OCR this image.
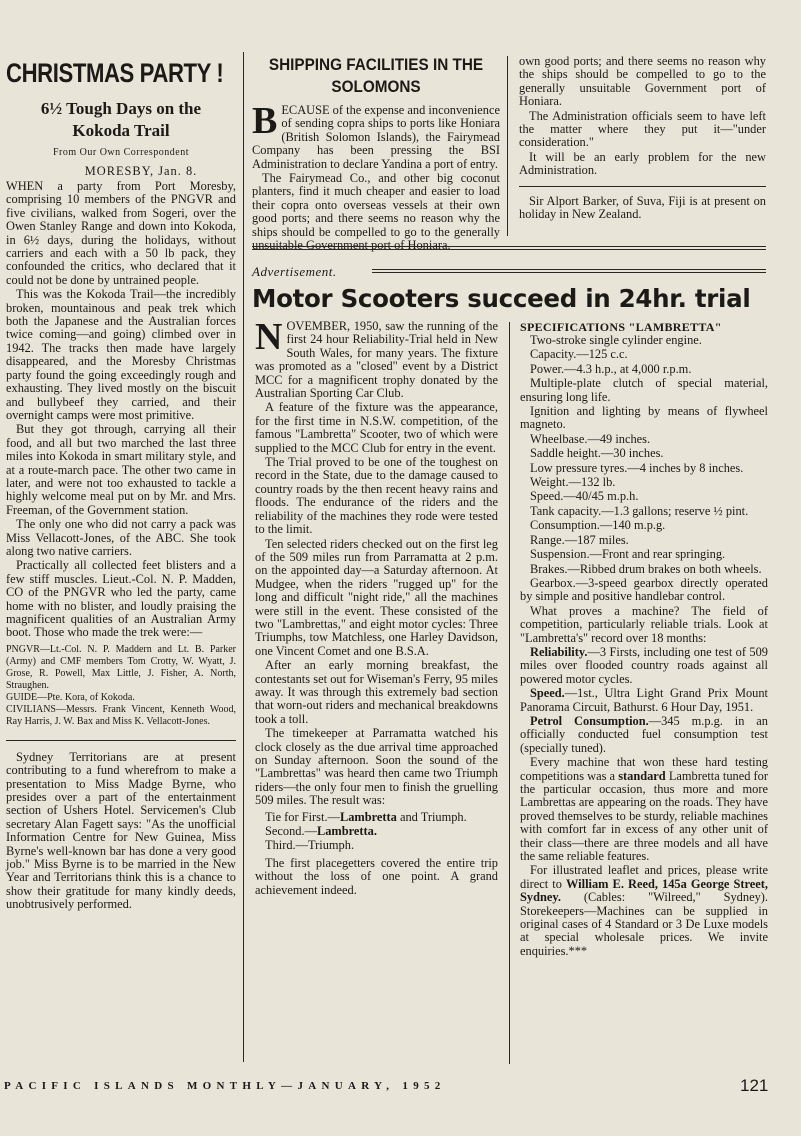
CHRISTMAS PARTY !
6½ Tough Days on the Kokoda Trail
From Our Own Correspondent
MORESBY, Jan. 8.

WHEN a party from Port Moresby, comprising 10 members of the PNGVR and five civilians, walked from Sogeri, over the Owen Stanley Range and down into Kokoda, in 6½ days, during the holidays, without carriers and each with a 50 lb pack, they confounded the critics, who declared that it could not be done by untrained people.

This was the Kokoda Trail—the incredibly broken, mountainous and peak trek which both the Japanese and the Australian forces twice coming—and going) climbed over in 1942. The tracks then made have largely disappeared, and the Moresby Christmas party found the going exceedingly rough and exhausting. They lived mostly on the biscuit and bullybeef they carried, and their overnight camps were most primitive.

But they got through, carrying all their food, and all but two marched the last three miles into Kokoda in smart military style, and at a route-march pace. The other two came in later, and were not too exhausted to tackle a highly welcome meal put on by Mr. and Mrs. Freeman, of the Government station.

The only one who did not carry a pack was Miss Vellacott-Jones, of the ABC. She took along two native carriers.

Practically all collected feet blisters and a few stiff muscles. Lieut.-Col. N. P. Madden, CO of the PNGVR who led the party, came home with no blister, and loudly praising the magnificent qualities of an Australian Army boot. Those who made the trek were:—

PNGVR—Lt.-Col. N. P. Maddern and Lt. B. Parker (Army) and CMF members Tom Crotty, W. Wyatt, J. Grose, R. Powell, Max Little, J. Fisher, A. North, Straughen.

GUIDE—Pte. Kora, of Kokoda.

CIVILIANS—Messrs. Frank Vincent, Kenneth Wood, Ray Harris, J. W. Bax and Miss K. Vellacott-Jones.

Sydney Territorians are at present contributing to a fund wherefrom to make a presentation to Miss Madge Byrne, who presides over a part of the entertainment section of Ushers Hotel. Servicemen's Club secretary Alan Fagett says: "As the unofficial Information Centre for New Guinea, Miss Byrne's well-known bar has done a very good job." Miss Byrne is to be married in the New Year and Territorians think this is a chance to show their gratitude for many kindly deeds, unobtrusively performed.

SHIPPING FACILITIES IN THE SOLOMONS

BECAUSE of the expense and inconvenience of sending copra ships to ports like Honiara (British Solomon Islands), the Fairymead Company has been pressing the BSI Administration to declare Yandina a port of entry.

The Fairymead Co., and other big coconut planters, find it much cheaper and easier to load their copra onto overseas vessels at their own good ports; and there seems no reason why the ships should be compelled to go to the generally unsuitable Government port of Honiara.

own good ports; and there seems no reason why the ships should be compelled to go to the generally unsuitable Government port of Honiara.

The Administration officials seem to have left the matter where they put it—"under consideration."

It will be an early problem for the new Administration.

Sir Alport Barker, of Suva, Fiji is at present on holiday in New Zealand.

Advertisement.
Motor Scooters succeed in 24hr. trial

NOVEMBER, 1950, saw the running of the first 24 hour Reliability-Trial held in New South Wales, for many years. The fixture was promoted as a "closed" event by a District MCC for a magnificent trophy donated by the Australian Sporting Car Club.

A feature of the fixture was the appearance, for the first time in N.S.W. competition, of the famous "Lambretta" Scooter, two of which were supplied to the MCC Club for entry in the event.

The Trial proved to be one of the toughest on record in the State, due to the damage caused to country roads by the then recent heavy rains and floods. The endurance of the riders and the reliability of the machines they rode were tested to the limit.

Ten selected riders checked out on the first leg of the 509 miles run from Parramatta at 2 p.m. on the appointed day—a Saturday afternoon. At Mudgee, when the riders "rugged up" for the long and difficult "night ride," all the machines were still in the event. These consisted of the two "Lambrettas," and eight motor cycles: Three Triumphs, tow Matchless, one Harley Davidson, one Vincent Comet and one B.S.A.

After an early morning breakfast, the contestants set out for Wiseman's Ferry, 95 miles away. It was through this extremely bad section that worn-out riders and mechanical breakdowns took a toll.

The timekeeper at Parramatta watched his clock closely as the due arrival time approached on Sunday afternoon. Soon the sound of the "Lambrettas" was heard then came two Triumph riders—the only four men to finish the gruelling 509 miles. The result was:

Tie for First.—Lambretta and Triumph.

Second.—Lambretta.

Third.—Triumph.

The first placegetters covered the entire trip without the loss of one point. A grand achievement indeed.

SPECIFICATIONS "LAMBRETTA"

Two-stroke single cylinder engine.

Capacity.—125 c.c.

Power.—4.3 h.p., at 4,000 r.p.m.

Multiple-plate clutch of special material, ensuring long life.

Ignition and lighting by means of flywheel magneto.

Wheelbase.—49 inches.

Saddle height.—30 inches.

Low pressure tyres.—4 inches by 8 inches.

Weight.—132 lb.

Speed.—40/45 m.p.h.

Tank capacity.—1.3 gallons; reserve ½ pint.

Consumption.—140 m.p.g.

Range.—187 miles.

Suspension.—Front and rear springing.

Brakes.—Ribbed drum brakes on both wheels.

Gearbox.—3-speed gearbox directly operated by simple and positive handlebar control.

What proves a machine? The field of competition, particularly reliable trials. Look at "Lambretta's" record over 18 months:

Reliability.—3 Firsts, including one test of 509 miles over flooded country roads against all powered motor cycles.

Speed.—1st., Ultra Light Grand Prix Mount Panorama Circuit, Bathurst. 6 Hour Day, 1951.

Petrol Consumption.—345 m.p.g. in an officially conducted fuel consumption test (specially tuned).

Every machine that won these hard testing competitions was a standard Lambretta tuned for the particular occasion, thus more and more Lambrettas are appearing on the roads. They have proved themselves to be sturdy, reliable machines with comfort far in excess of any other unit of their class—there are three models and all have the same reliable features.

For illustrated leaflet and prices, please write direct to William E. Reed, 145a George Street, Sydney. (Cables: "Wilreed," Sydney). Storekeepers—Machines can be supplied in original cases of 4 Standard or 3 De Luxe models at special wholesale prices. We invite enquiries.***

PACIFIC ISLANDS MONTHLY—JANUARY, 1952	121
